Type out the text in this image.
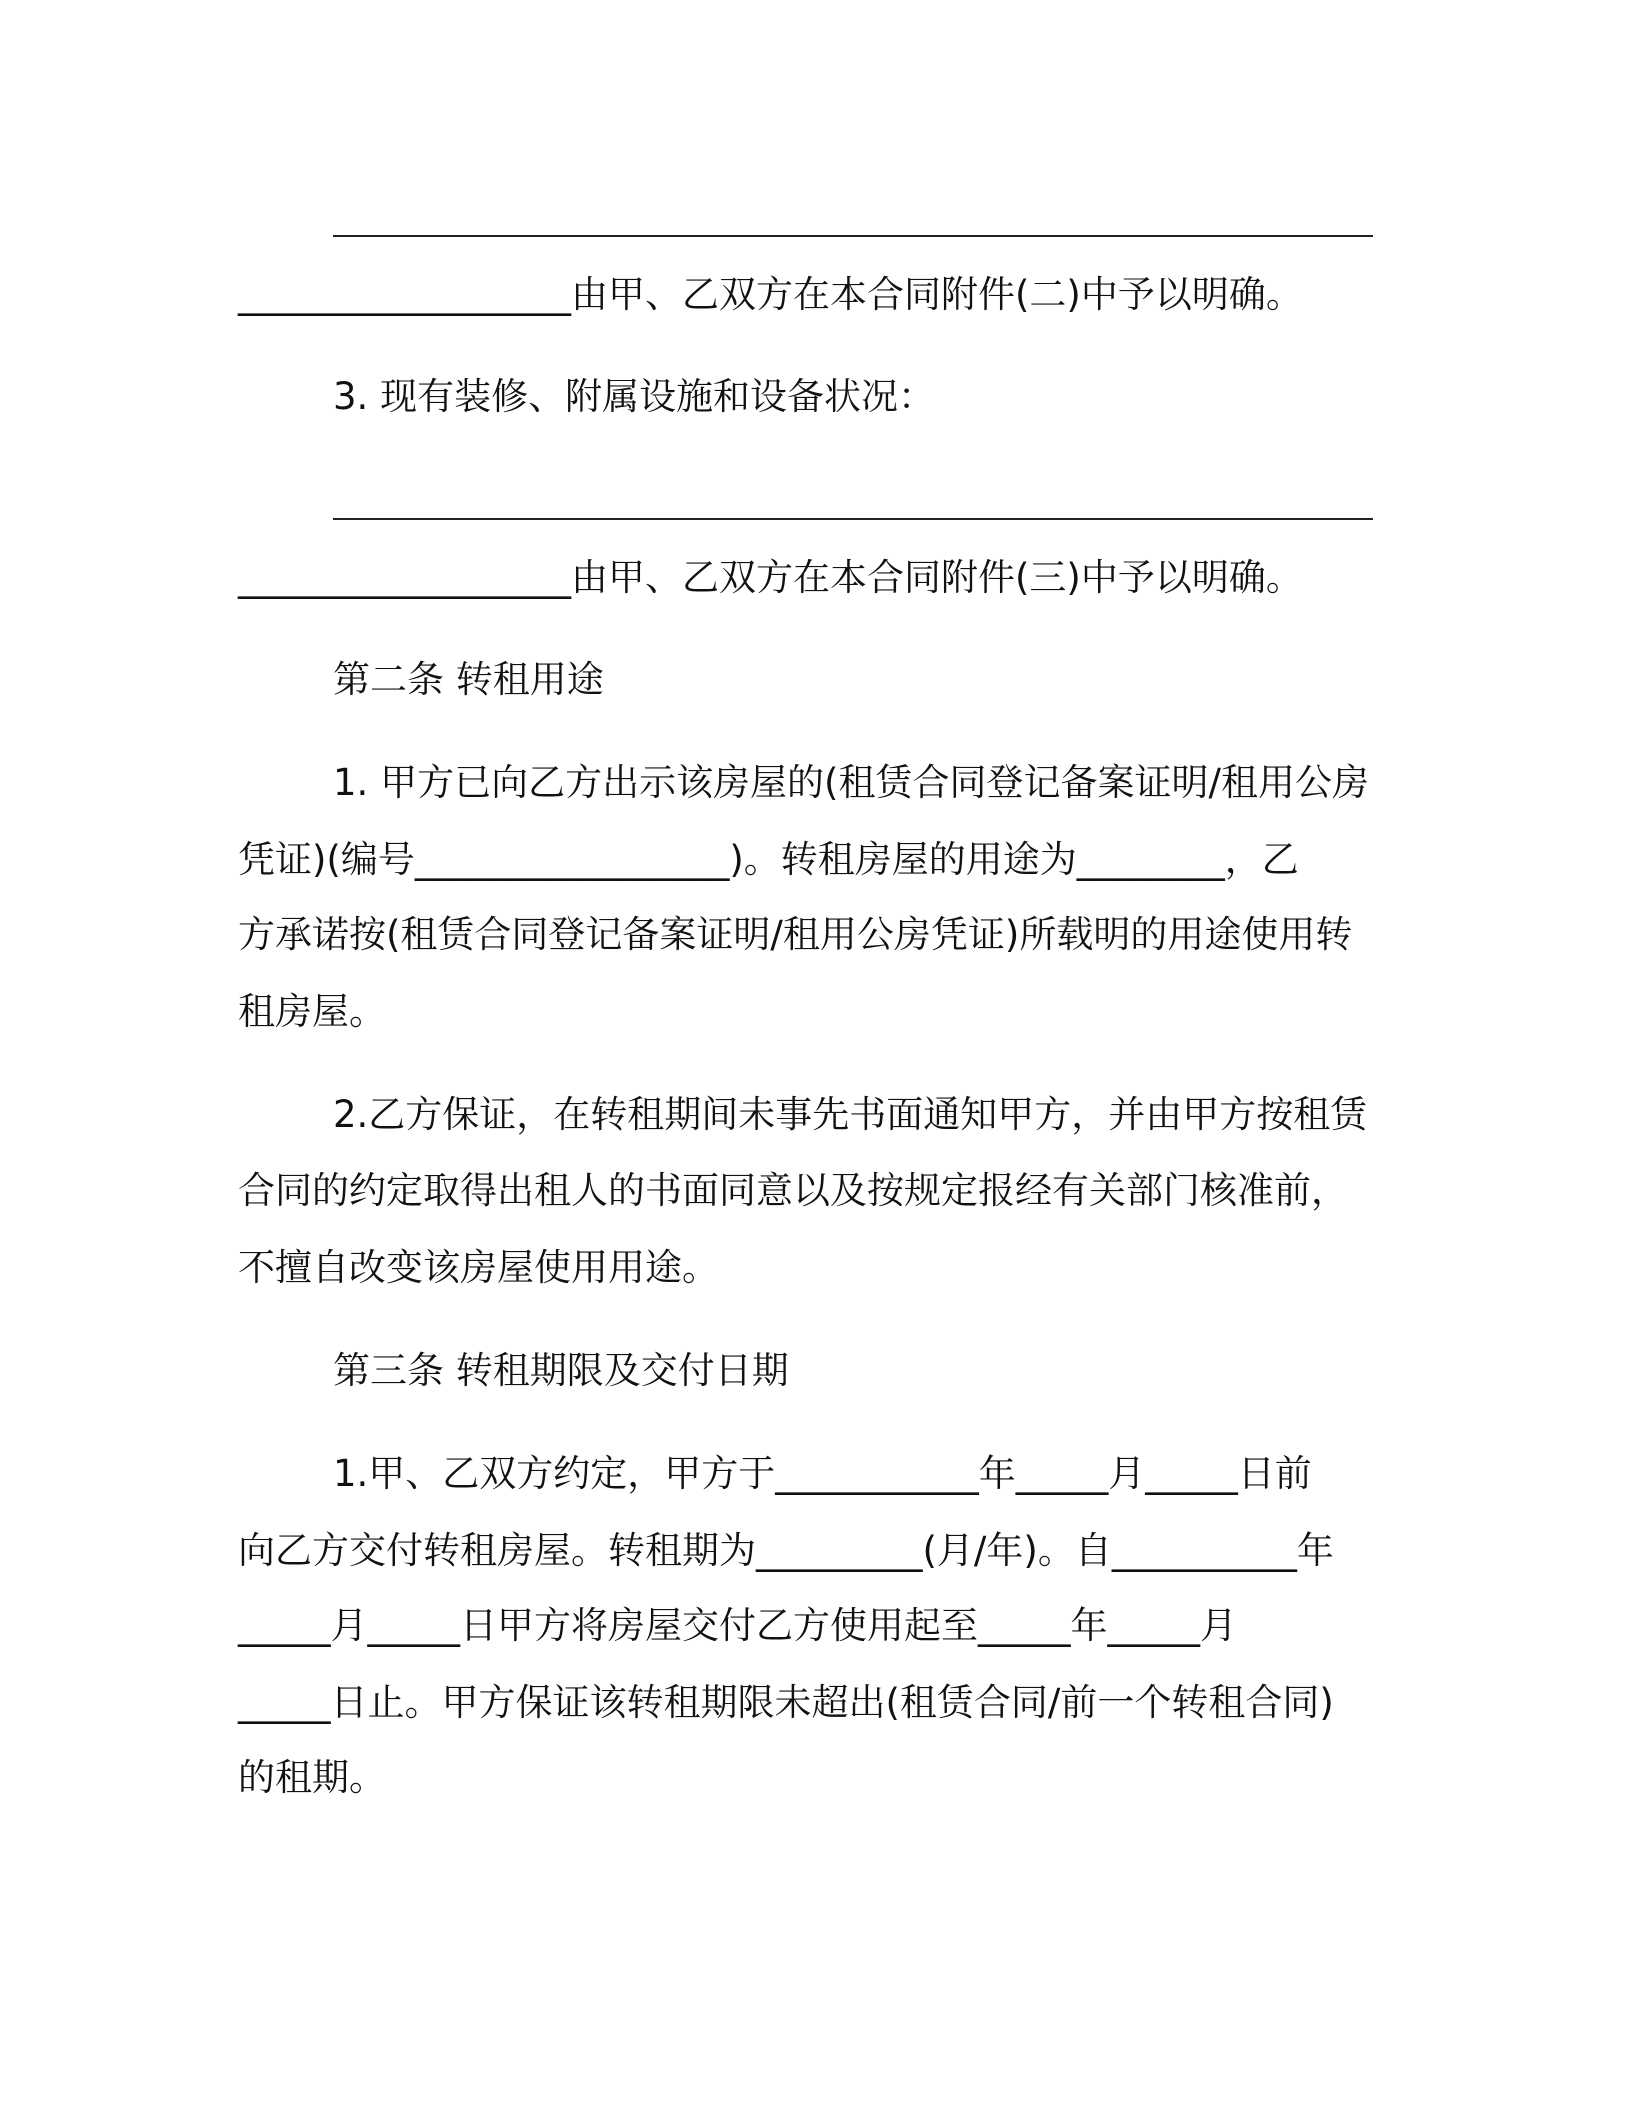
__________________由甲、乙双方在本合同附件(二)中予以明确。
3. 现有装修、附属设施和设备状况：
__________________由甲、乙双方在本合同附件(三)中予以明确。
第二条 转租用途
1. 甲方已向乙方出示该房屋的(租赁合同登记备案证明/租用公房
凭证)(编号_________________)。转租房屋的用途为________，乙
方承诺按(租赁合同登记备案证明/租用公房凭证)所载明的用途使用转
租房屋。
2.乙方保证，在转租期间未事先书面通知甲方，并由甲方按租赁
合同的约定取得出租人的书面同意以及按规定报经有关部门核准前，
不擅自改变该房屋使用用途。
第三条 转租期限及交付日期
1.甲、乙双方约定，甲方于___________年_____月_____日前
向乙方交付转租房屋。转租期为_________(月/年)。自__________年
_____月_____日甲方将房屋交付乙方使用起至_____年_____月
_____日止。甲方保证该转租期限未超出(租赁合同/前一个转租合同)
的租期。
